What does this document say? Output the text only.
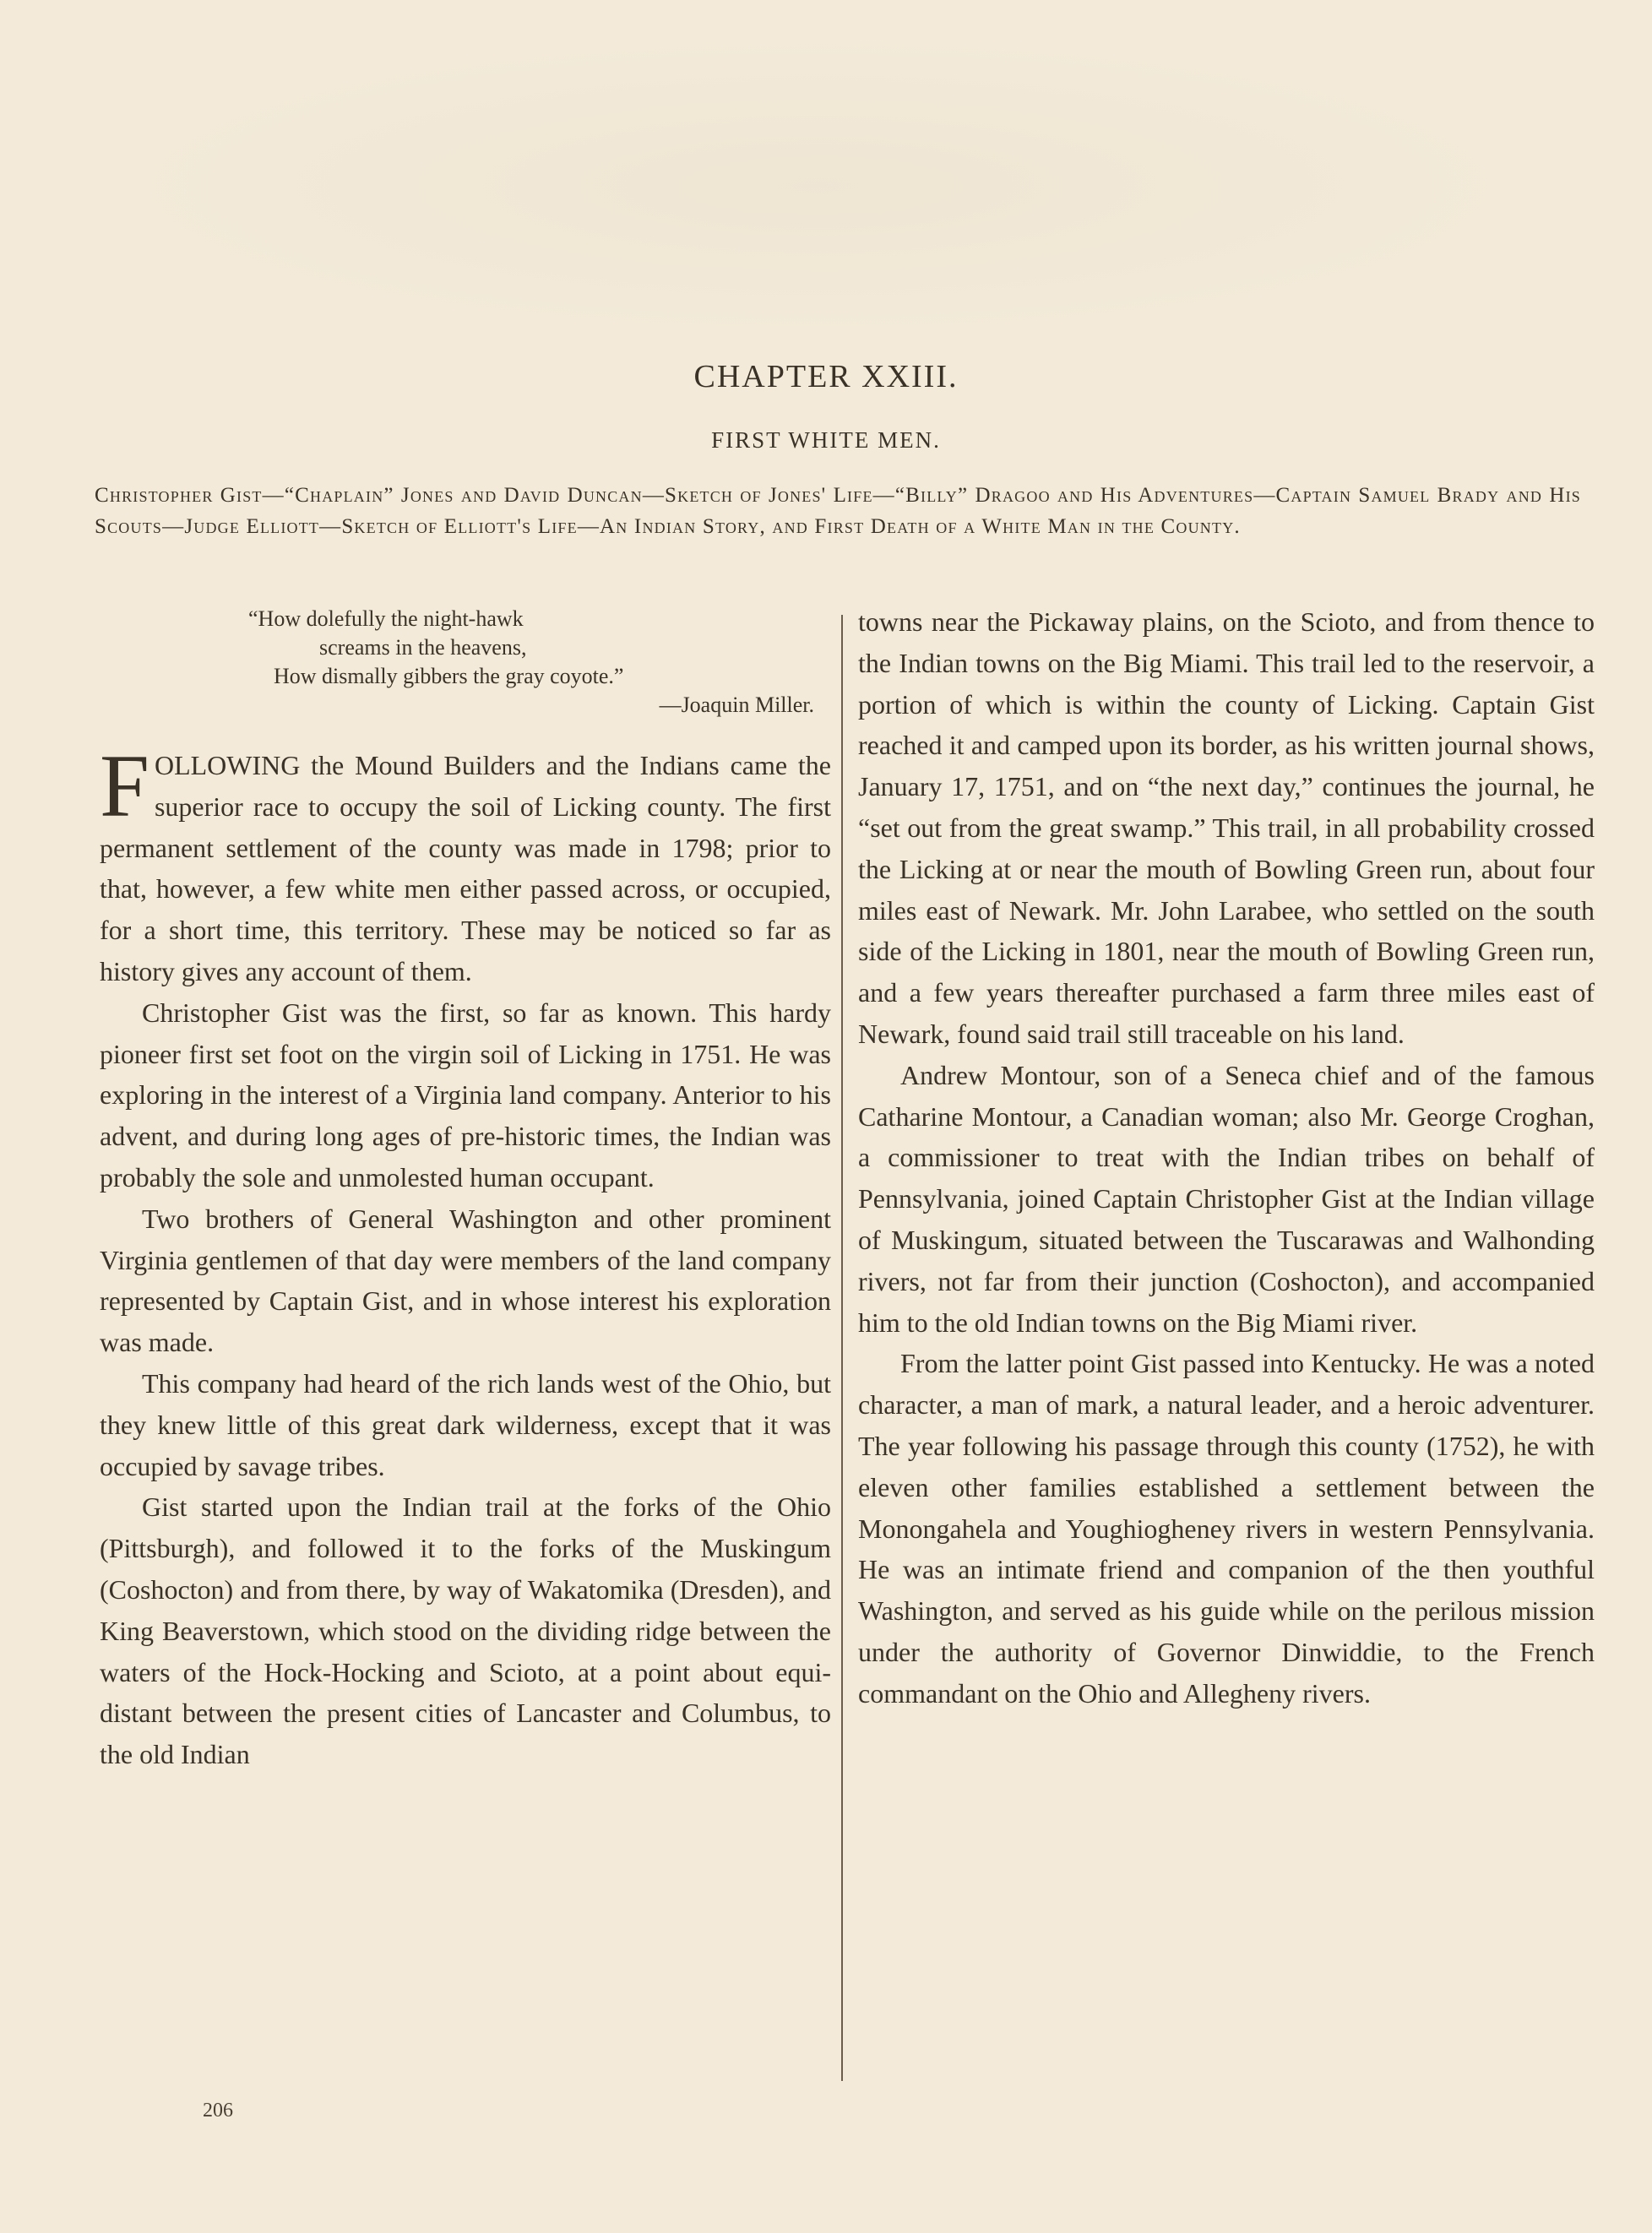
CHAPTER XXIII.
FIRST WHITE MEN.
Christopher Gist—“Chaplain” Jones and David Duncan—Sketch of Jones' Life—“Billy” Dragoo and His Adventures—Captain Samuel Brady and His Scouts—Judge Elliott—Sketch of Elliott's Life—An Indian Story, and First Death of a White Man in the County.
“How dolefully the night-hawk
screams in the heavens,
How dismally gibbers the gray coyote.”
—Joaquin Miller.

FOLLOWING the Mound Builders and the Indians came the superior race to occupy the soil of Licking county. The first permanent settlement of the county was made in 1798; prior to that, however, a few white men either passed across, or occupied, for a short time, this territory. These may be noticed so far as history gives any account of them.

Christopher Gist was the first, so far as known. This hardy pioneer first set foot on the virgin soil of Licking in 1751. He was exploring in the interest of a Virginia land company. Anterior to his advent, and during long ages of pre-historic times, the Indian was probably the sole and unmolested human occupant.

Two brothers of General Washington and other prominent Virginia gentlemen of that day were members of the land company represented by Captain Gist, and in whose interest his exploration was made.

This company had heard of the rich lands west of the Ohio, but they knew little of this great dark wilderness, except that it was occupied by savage tribes.

Gist started upon the Indian trail at the forks of the Ohio (Pittsburgh), and followed it to the forks of the Muskingum (Coshocton) and from there, by way of Wakatomika (Dresden), and King Beaverstown, which stood on the dividing ridge between the waters of the Hock-Hocking and Scioto, at a point about equi-distant between the present cities of Lancaster and Columbus, to the old Indian

towns near the Pickaway plains, on the Scioto, and from thence to the Indian towns on the Big Miami. This trail led to the reservoir, a portion of which is within the county of Licking. Captain Gist reached it and camped upon its border, as his written journal shows, January 17, 1751, and on “the next day,” continues the journal, he “set out from the great swamp.” This trail, in all probability crossed the Licking at or near the mouth of Bowling Green run, about four miles east of Newark. Mr. John Larabee, who settled on the south side of the Licking in 1801, near the mouth of Bowling Green run, and a few years thereafter purchased a farm three miles east of Newark, found said trail still traceable on his land.

Andrew Montour, son of a Seneca chief and of the famous Catharine Montour, a Canadian woman; also Mr. George Croghan, a commissioner to treat with the Indian tribes on behalf of Pennsylvania, joined Captain Christopher Gist at the Indian village of Muskingum, situated between the Tuscarawas and Walhonding rivers, not far from their junction (Coshocton), and accompanied him to the old Indian towns on the Big Miami river.

From the latter point Gist passed into Kentucky. He was a noted character, a man of mark, a natural leader, and a heroic adventurer. The year following his passage through this county (1752), he with eleven other families established a settlement between the Monongahela and Youghiogheney rivers in western Pennsylvania. He was an intimate friend and companion of the then youthful Washington, and served as his guide while on the perilous mission under the authority of Governor Dinwiddie, to the French commandant on the Ohio and Allegheny rivers.

206
